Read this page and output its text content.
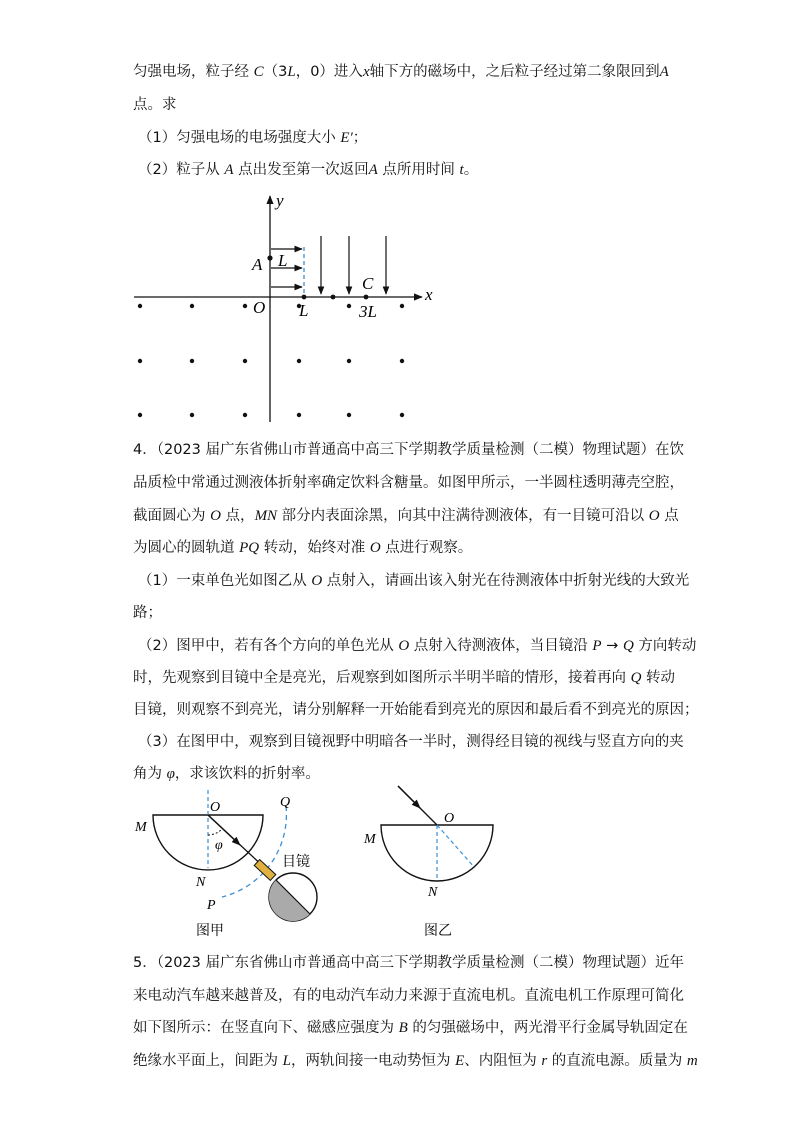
匀强电场，粒子经 C（3L，0）进入x轴下方的磁场中，之后粒子经过第二象限回到A
点。求
（1）匀强电场的电场强度大小 E′；
（2）粒子从 A 点出发至第一次返回A 点所用时间 t。
y
x
A L
O L
C
3L
4．（2023 届广东省佛山市普通高中高三下学期教学质量检测（二模）物理试题）在饮
品质检中常通过测液体折射率确定饮料含糖量。如图甲所示，一半圆柱透明薄壳空腔，
截面圆心为 O 点，MN 部分内表面涂黑，向其中注满待测液体，有一目镜可沿以 O 点
为圆心的圆轨道 PQ 转动，始终对准 O 点进行观察。
（1）一束单色光如图乙从 O 点射入，请画出该入射光在待测液体中折射光线的大致光
路；
（2）图甲中，若有各个方向的单色光从 O 点射入待测液体，当目镜沿 P → Q 方向转动
时，先观察到目镜中全是亮光，后观察到如图所示半明半暗的情形，接着再向 Q 转动
目镜，则观察不到亮光，请分别解释一开始能看到亮光的原因和最后看不到亮光的原因；
（3）在图甲中，观察到目镜视野中明暗各一半时，测得经目镜的视线与竖直方向的夹
角为 φ，求该饮料的折射率。
M
O	Q
φ
N
P
目镜
图甲
O
M
N
图乙
5．（2023 届广东省佛山市普通高中高三下学期教学质量检测（二模）物理试题）近年
来电动汽车越来越普及，有的电动汽车动力来源于直流电机。直流电机工作原理可简化
如下图所示：在竖直向下、磁感应强度为 B 的匀强磁场中，两光滑平行金属导轨固定在
绝缘水平面上，间距为 L，两轨间接一电动势恒为 E、内阻恒为 r 的直流电源。质量为 m
